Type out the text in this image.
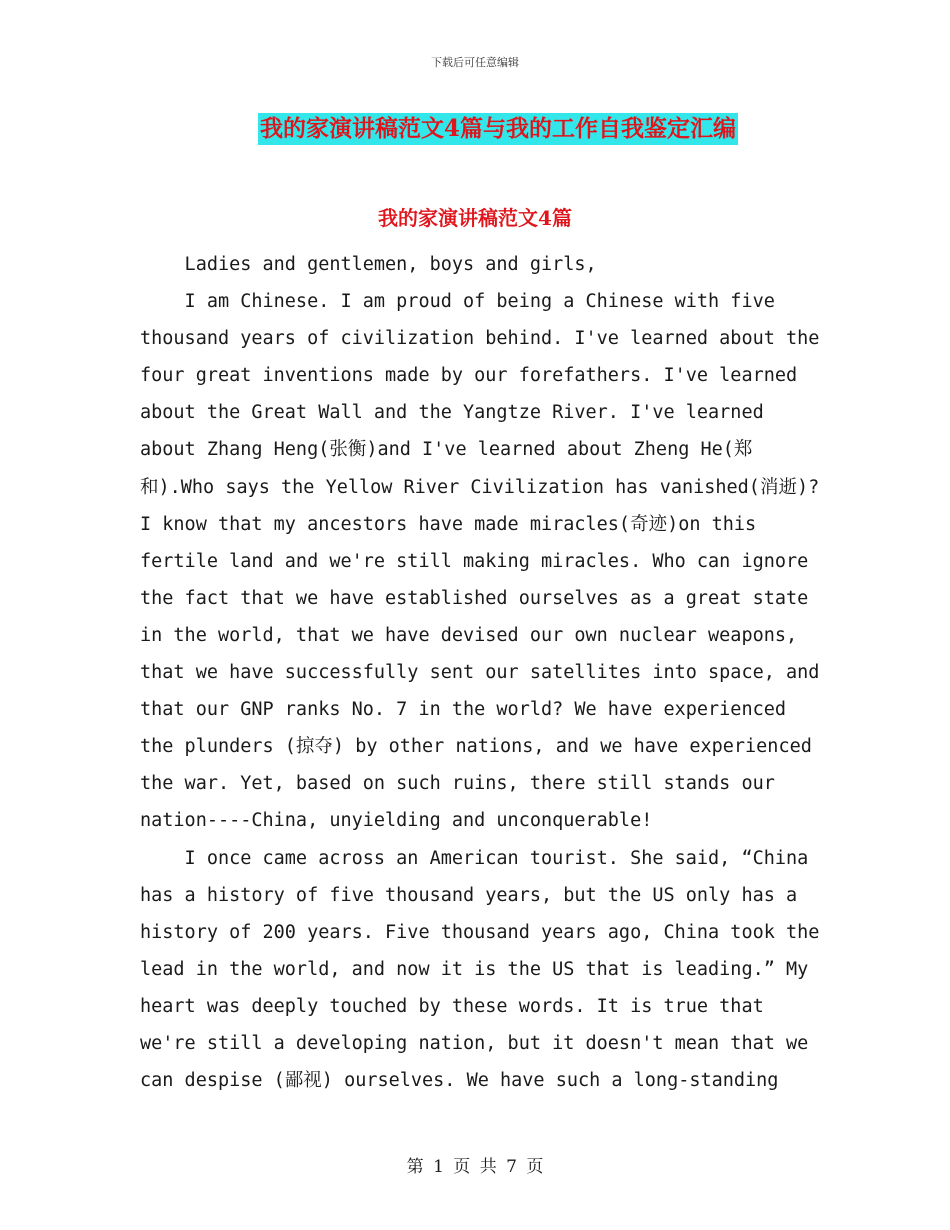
下载后可任意编辑
我的家演讲稿范文4篇与我的工作自我鉴定汇编
我的家演讲稿范文4篇
Ladies and gentlemen, boys and girls,
I am Chinese. I am proud of being a Chinese with five
thousand years of civilization behind. I've learned about the
four great inventions made by our forefathers. I've learned
about the Great Wall and the Yangtze River. I've learned
about Zhang Heng(张衡)and I've learned about Zheng He(郑
和).Who says the Yellow River Civilization has vanished(消逝)?
I know that my ancestors have made miracles(奇迹)on this
fertile land and we're still making miracles. Who can ignore
the fact that we have established ourselves as a great state
in the world, that we have devised our own nuclear weapons,
that we have successfully sent our satellites into space, and
that our GNP ranks No. 7 in the world? We have experienced
the plunders (掠夺) by other nations, and we have experienced
the war. Yet, based on such ruins, there still stands our
nation----China, unyielding and unconquerable!
I once came across an American tourist. She said, “China
has a history of five thousand years, but the US only has a
history of 200 years. Five thousand years ago, China took the
lead in the world, and now it is the US that is leading.” My
heart was deeply touched by these words. It is true that
we're still a developing nation, but it doesn't mean that we
can despise (鄙视) ourselves. We have such a long-standing
第 1 页 共 7 页
